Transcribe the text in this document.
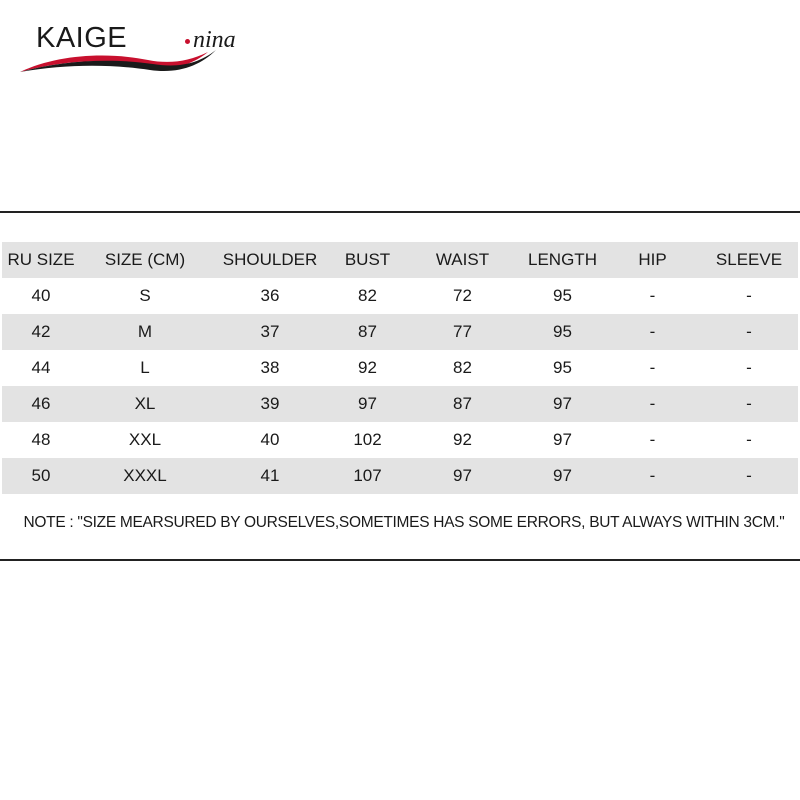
KAIGE	nina
RU SIZE	SIZE (CM)	SHOULDER	BUST	WAIST	LENGTH	HIP	SLEEVE
40	S	36	82	72	95	-	-
42	M	37	87	77	95	-	-
44	L	38	92	82	95	-	-
46	XL	39	97	87	97	-	-
48	XXL	40	102	92	97	-	-
50	XXXL	41	107	97	97	-	-
NOTE : "SIZE MEARSURED BY OURSELVES,SOMETIMES HAS SOME ERRORS, BUT ALWAYS WITHIN 3CM."
